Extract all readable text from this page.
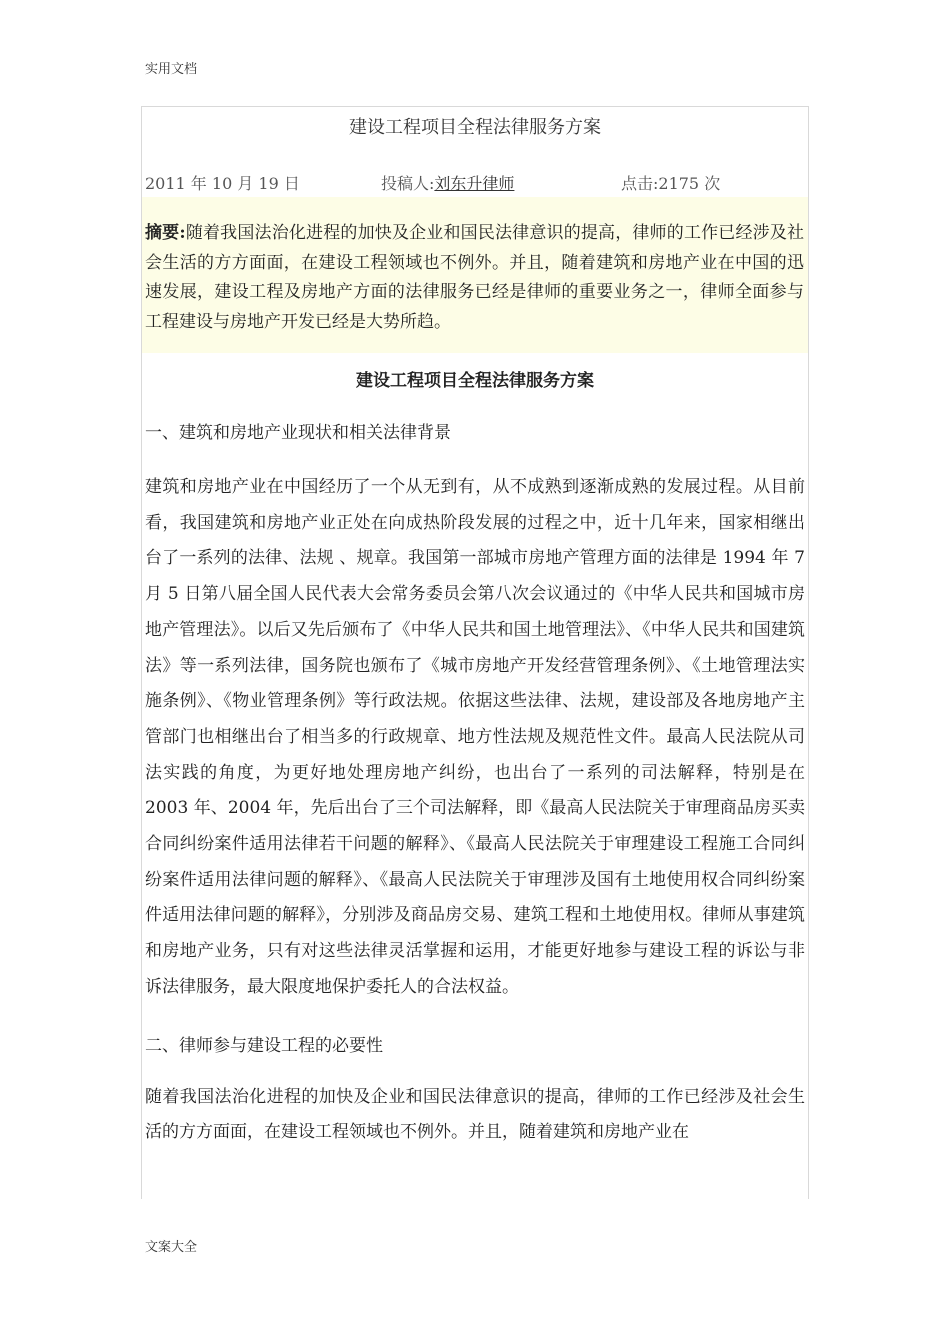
实用文档
建设工程项目全程法律服务方案
2011 年 10 月 19 日	投稿人:刘东升律师	点击:2175 次
摘要:随着我国法治化进程的加快及企业和国民法律意识的提高，律师的工作已经涉及社会生活的方方面面，在建设工程领域也不例外。并且，随着建筑和房地产业在中国的迅速发展，建设工程及房地产方面的法律服务已经是律师的重要业务之一，律师全面参与工程建设与房地产开发已经是大势所趋。
建设工程项目全程法律服务方案
一、建筑和房地产业现状和相关法律背景

建筑和房地产业在中国经历了一个从无到有，从不成熟到逐渐成熟的发展过程。从目前看，我国建筑和房地产业正处在向成热阶段发展的过程之中，近十几年来，国家相继出台了一系列的法律、法规 、规章。我国第一部城市房地产管理方面的法律是 1994 年 7 月 5 日第八届全国人民代表大会常务委员会第八次会议通过的《中华人民共和国城市房地产管理法》。以后又先后颁布了《中华人民共和国土地管理法》、《中华人民共和国建筑法》等一系列法律，国务院也颁布了《城市房地产开发经营管理条例》、《土地管理法实施条例》、《物业管理条例》等行政法规。依据这些法律、法规，建设部及各地房地产主管部门也相继出台了相当多的行政规章、地方性法规及规范性文件。最高人民法院从司法实践的角度，为更好地处理房地产纠纷，也出台了一系列的司法解释，特别是在 2003 年、2004 年，先后出台了三个司法解释，即《最高人民法院关于审理商品房买卖合同纠纷案件适用法律若干问题的解释》、《最高人民法院关于审理建设工程施工合同纠纷案件适用法律问题的解释》、《最高人民法院关于审理涉及国有土地使用权合同纠纷案件适用法律问题的解释》，分别涉及商品房交易、建筑工程和土地使用权。律师从事建筑和房地产业务，只有对这些法律灵活掌握和运用，才能更好地参与建设工程的诉讼与非诉法律服务，最大限度地保护委托人的合法权益。

二、律师参与建设工程的必要性

随着我国法治化进程的加快及企业和国民法律意识的提高，律师的工作已经涉及社会生活的方方面面，在建设工程领域也不例外。并且，随着建筑和房地产业在

文案大全
